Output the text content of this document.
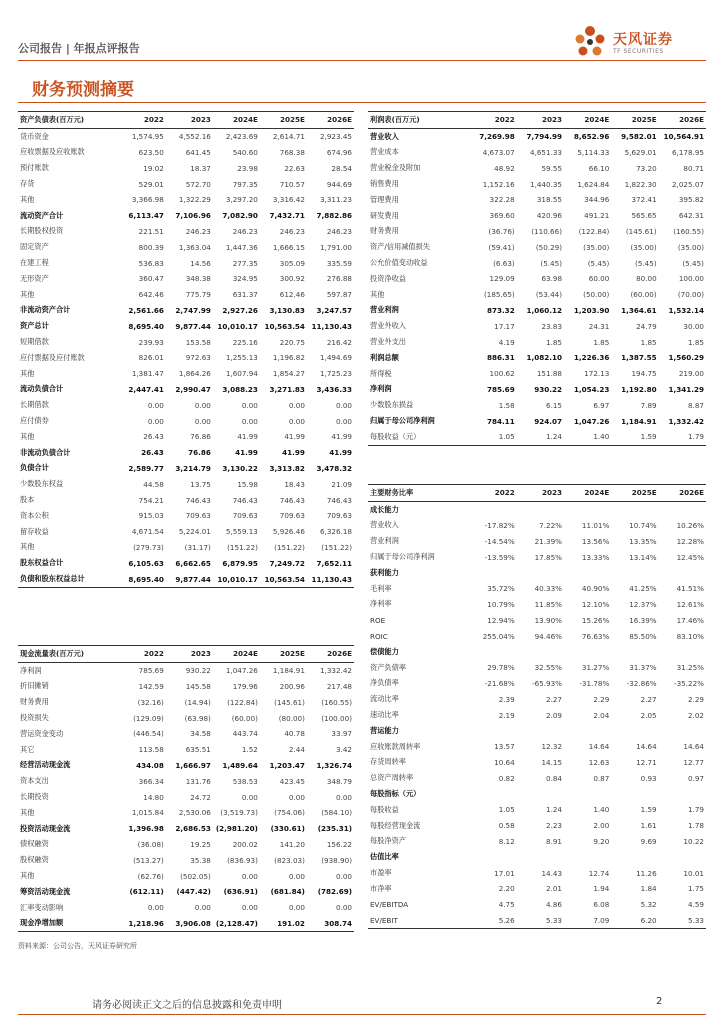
公司报告 | 年报点评报告
天风证券
TF SECURITIES
财务预测摘要
资产负债表(百万元)	2022	2023	2024E	2025E	2026E
货币资金	1,574.95	4,552.16	2,423.69	2,614.71	2,923.45
应收票据及应收账款	623.50	641.45	540.60	768.38	674.96
预付账款	19.02	18.37	23.98	22.63	28.54
存货	529.01	572.70	797.35	710.57	944.69
其他	3,366.98	1,322.29	3,297.20	3,316.42	3,311.23
流动资产合计	6,113.47	7,106.96	7,082.90	7,432.71	7,882.86
长期股权投资	221.51	246.23	246.23	246.23	246.23
固定资产	800.39	1,363.04	1,447.36	1,666.15	1,791.00
在建工程	536.83	14.56	277.35	305.09	335.59
无形资产	360.47	348.38	324.95	300.92	276.88
其他	642.46	775.79	631.37	612.46	597.87
非流动资产合计	2,561.66	2,747.99	2,927.26	3,130.83	3,247.57
资产总计	8,695.40	9,877.44	10,010.17	10,563.54	11,130.43
短期借款	239.93	153.58	225.16	220.75	216.42
应付票据及应付账款	826.01	972.63	1,255.13	1,196.82	1,494.69
其他	1,381.47	1,864.26	1,607.94	1,854.27	1,725.23
流动负债合计	2,447.41	2,990.47	3,088.23	3,271.83	3,436.33
长期借款	0.00	0.00	0.00	0.00	0.00
应付债券	0.00	0.00	0.00	0.00	0.00
其他	26.43	76.86	41.99	41.99	41.99
非流动负债合计	26.43	76.86	41.99	41.99	41.99
负债合计	2,589.77	3,214.79	3,130.22	3,313.82	3,478.32
少数股东权益	44.58	13.75	15.98	18.43	21.09
股本	754.21	746.43	746.43	746.43	746.43
资本公积	915.03	709.63	709.63	709.63	709.63
留存收益	4,671.54	5,224.01	5,559.13	5,926.46	6,326.18
其他	(279.73)	(31.17)	(151.22)	(151.22)	(151.22)
股东权益合计	6,105.63	6,662.65	6,879.95	7,249.72	7,652.11
负债和股东权益总计	8,695.40	9,877.44	10,010.17	10,563.54	11,130.43
利润表(百万元)	2022	2023	2024E	2025E	2026E
营业收入	7,269.98	7,794.99	8,652.96	9,582.01	10,564.91
营业成本	4,673.07	4,651.33	5,114.33	5,629.01	6,178.95
营业税金及附加	48.92	59.55	66.10	73.20	80.71
销售费用	1,152.16	1,440.35	1,624.84	1,822.30	2,025.07
管理费用	322.28	318.55	344.96	372.41	395.82
研发费用	369.60	420.96	491.21	565.65	642.31
财务费用	(36.76)	(110.66)	(122.84)	(145.61)	(160.55)
资产/信用减值损失	(59.41)	(50.29)	(35.00)	(35.00)	(35.00)
公允价值变动收益	(6.63)	(5.45)	(5.45)	(5.45)	(5.45)
投资净收益	129.09	63.98	60.00	80.00	100.00
其他	(185.65)	(53.44)	(50.00)	(60.00)	(70.00)
营业利润	873.32	1,060.12	1,203.90	1,364.61	1,532.14
营业外收入	17.17	23.83	24.31	24.79	30.00
营业外支出	4.19	1.85	1.85	1.85	1.85
利润总额	886.31	1,082.10	1,226.36	1,387.55	1,560.29
所得税	100.62	151.88	172.13	194.75	219.00
净利润	785.69	930.22	1,054.23	1,192.80	1,341.29
少数股东损益	1.58	6.15	6.97	7.89	8.87
归属于母公司净利润	784.11	924.07	1,047.26	1,184.91	1,332.42
每股收益（元）	1.05	1.24	1.40	1.59	1.79
现金流量表(百万元)	2022	2023	2024E	2025E	2026E
净利润	785.69	930.22	1,047.26	1,184.91	1,332.42
折旧摊销	142.59	145.58	179.96	200.96	217.48
财务费用	(32.16)	(14.94)	(122.84)	(145.61)	(160.55)
投资损失	(129.09)	(63.98)	(60.00)	(80.00)	(100.00)
营运资金变动	(446.54)	34.58	443.74	40.78	33.97
其它	113.58	635.51	1.52	2.44	3.42
经营活动现金流	434.08	1,666.97	1,489.64	1,203.47	1,326.74
资本支出	366.34	131.76	538.53	423.45	348.79
长期投资	14.80	24.72	0.00	0.00	0.00
其他	1,015.84	2,530.06	(3,519.73)	(754.06)	(584.10)
投资活动现金流	1,396.98	2,686.53	(2,981.20)	(330.61)	(235.31)
债权融资	(36.08)	19.25	200.02	141.20	156.22
股权融资	(513.27)	35.38	(836.93)	(823.03)	(938.90)
其他	(62.76)	(502.05)	0.00	0.00	0.00
筹资活动现金流	(612.11)	(447.42)	(636.91)	(681.84)	(782.69)
汇率变动影响	0.00	0.00	0.00	0.00	0.00
现金净增加额	1,218.96	3,906.08	(2,128.47)	191.02	308.74
主要财务比率	2022	2023	2024E	2025E	2026E
成长能力					
营业收入	-17.82%	7.22%	11.01%	10.74%	10.26%
营业利润	-14.54%	21.39%	13.56%	13.35%	12.28%
归属于母公司净利润	-13.59%	17.85%	13.33%	13.14%	12.45%
获利能力					
毛利率	35.72%	40.33%	40.90%	41.25%	41.51%
净利率	10.79%	11.85%	12.10%	12.37%	12.61%
ROE	12.94%	13.90%	15.26%	16.39%	17.46%
ROIC	255.04%	94.46%	76.63%	85.50%	83.10%
偿债能力					
资产负债率	29.78%	32.55%	31.27%	31.37%	31.25%
净负债率	-21.68%	-65.93%	-31.78%	-32.86%	-35.22%
流动比率	2.39	2.27	2.29	2.27	2.29
速动比率	2.19	2.09	2.04	2.05	2.02
营运能力					
应收账款周转率	13.57	12.32	14.64	14.64	14.64
存货周转率	10.64	14.15	12.63	12.71	12.77
总资产周转率	0.82	0.84	0.87	0.93	0.97
每股指标（元）					
每股收益	1.05	1.24	1.40	1.59	1.79
每股经营现金流	0.58	2.23	2.00	1.61	1.78
每股净资产	8.12	8.91	9.20	9.69	10.22
估值比率					
市盈率	17.01	14.43	12.74	11.26	10.01
市净率	2.20	2.01	1.94	1.84	1.75
EV/EBITDA	4.75	4.86	6.08	5.32	4.59
EV/EBIT	5.26	5.33	7.09	6.20	5.33
资料来源：公司公告，天风证券研究所
请务必阅读正文之后的信息披露和免责申明	2
